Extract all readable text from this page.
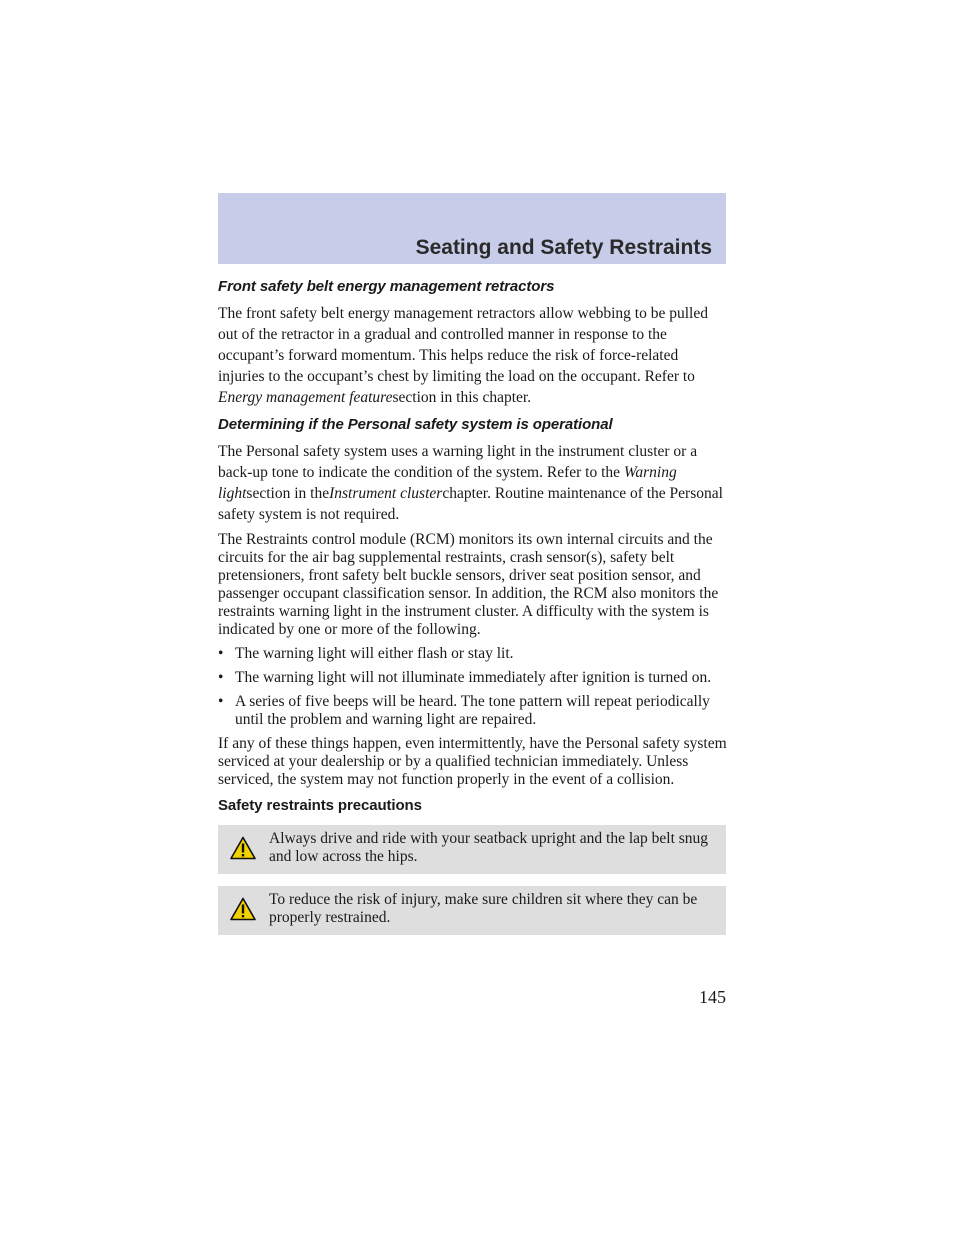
Seating and Safety Restraints
Front safety belt energy management retractors

The front safety belt energy management retractors allow webbing to be pulled out of the retractor in a gradual and controlled manner in response to the occupant’s forward momentum. This helps reduce the risk of force-related injuries to the occupant’s chest by limiting the load on the occupant. Refer to Energy management featuresection in this chapter.

Determining if the Personal safety system is operational

The Personal safety system uses a warning light in the instrument cluster or a back-up tone to indicate the condition of the system. Refer to the Warning lightsection in theInstrument clusterchapter. Routine maintenance of the Personal safety system is not required.

The Restraints control module (RCM) monitors its own internal circuits and the circuits for the air bag supplemental restraints, crash sensor(s), safety belt pretensioners, front safety belt buckle sensors, driver seat position sensor, and passenger occupant classification sensor. In addition, the RCM also monitors the restraints warning light in the instrument cluster. A difficulty with the system is indicated by one or more of the following.

• The warning light will either flash or stay lit.
• The warning light will not illuminate immediately after ignition is turned on.
• A series of five beeps will be heard. The tone pattern will repeat periodically until the problem and warning light are repaired.

If any of these things happen, even intermittently, have the Personal safety system serviced at your dealership or by a qualified technician immediately. Unless serviced, the system may not function properly in the event of a collision.

Safety restraints precautions

Always drive and ride with your seatback upright and the lap belt snug and low across the hips.

To reduce the risk of injury, make sure children sit where they can be properly restrained.

145
